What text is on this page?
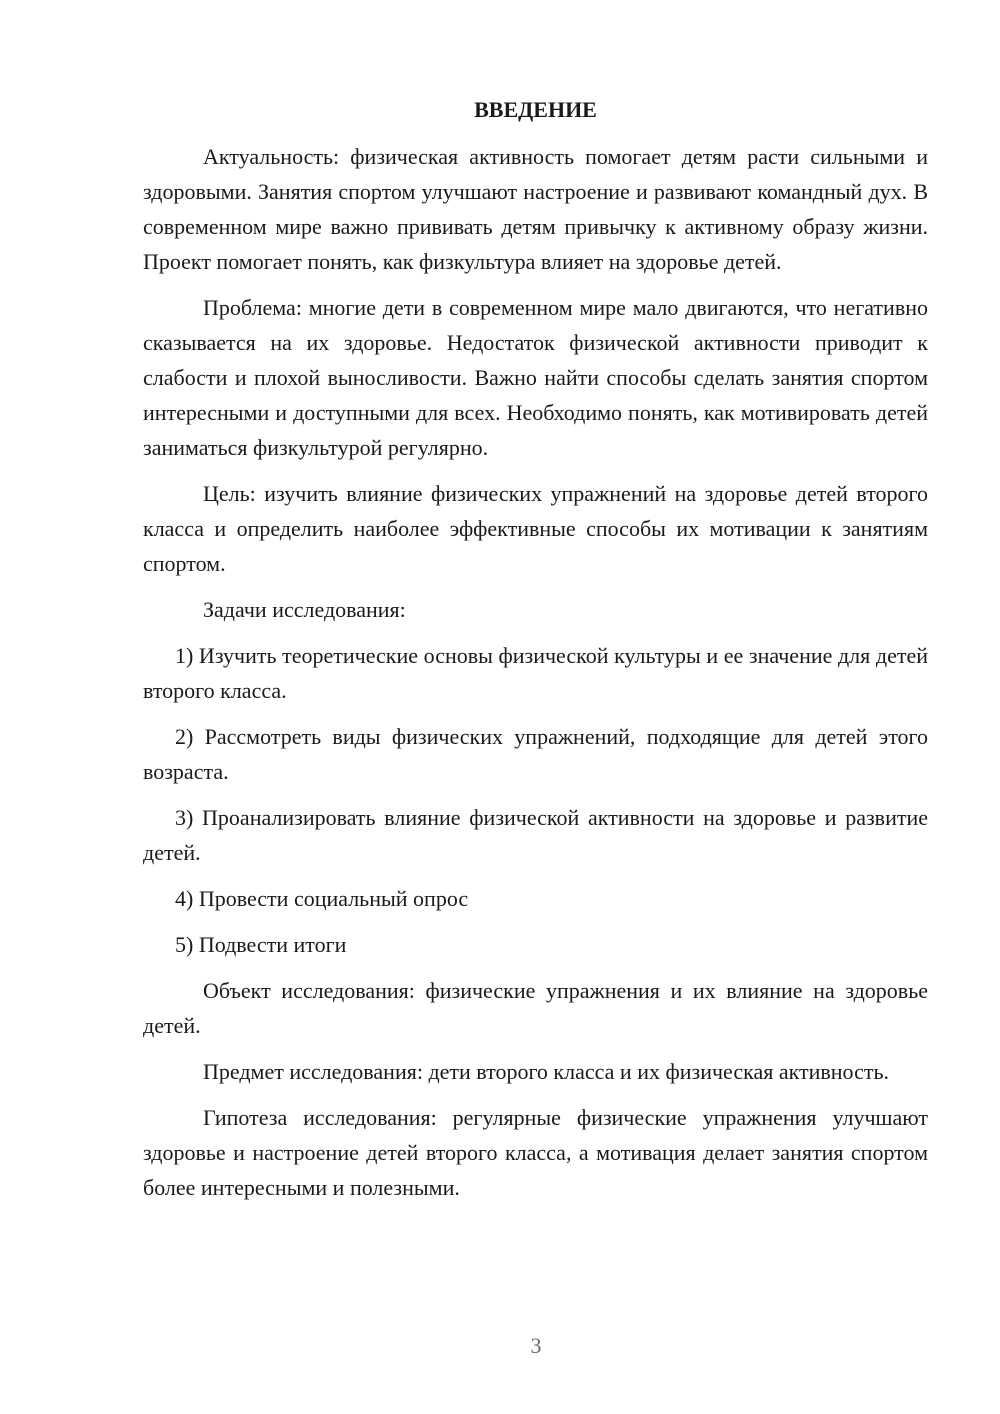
ВВЕДЕНИЕ

Актуальность: физическая активность помогает детям расти сильными и здоровыми. Занятия спортом улучшают настроение и развивают командный дух. В современном мире важно прививать детям привычку к активному образу жизни. Проект помогает понять, как физкультура влияет на здоровье детей.

Проблема: многие дети в современном мире мало двигаются, что негативно сказывается на их здоровье. Недостаток физической активности приводит к слабости и плохой выносливости. Важно найти способы сделать занятия спортом интересными и доступными для всех. Необходимо понять, как мотивировать детей заниматься физкультурой регулярно.

Цель: изучить влияние физических упражнений на здоровье детей второго класса и определить наиболее эффективные способы их мотивации к занятиям спортом.

Задачи исследования:

1) Изучить теоретические основы физической культуры и ее значение для детей второго класса.

2) Рассмотреть виды физических упражнений, подходящие для детей этого возраста.

3) Проанализировать влияние физической активности на здоровье и развитие детей.

4) Провести социальный опрос

5) Подвести итоги

Объект исследования: физические упражнения и их влияние на здоровье детей.

Предмет исследования: дети второго класса и их физическая активность.

Гипотеза исследования: регулярные физические упражнения улучшают здоровье и настроение детей второго класса, а мотивация делает занятия спортом более интересными и полезными.

3
